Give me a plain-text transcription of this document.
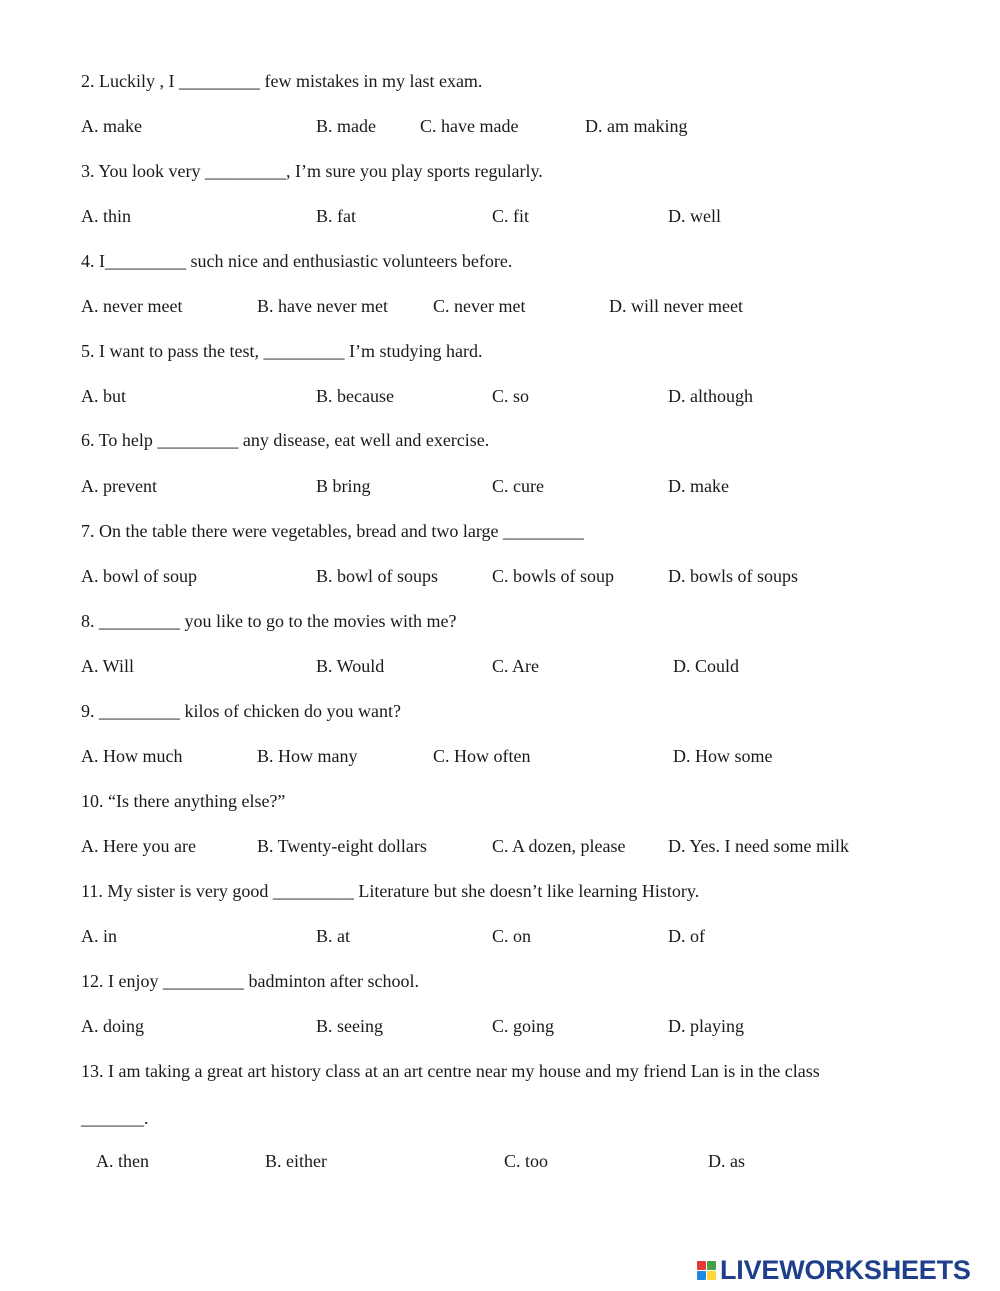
2. Luckily , I _________ few mistakes in my last exam.
A. make	B. made C. have made	D. am making
3. You look very _________, I’m sure you play sports regularly.
A. thin	B. fat	C. fit	D. well
4. I_________ such nice and enthusiastic volunteers before.
A. never meet	B. have never met	C. never met	D. will never meet
5. I want to pass the test, _________ I’m studying hard.
A. but	B. because	C. so	D. although
6. To help _________ any disease, eat well and exercise.
A. prevent	B bring	C. cure	D. make
7. On the table there were vegetables, bread and two large _________
A. bowl of soup	B. bowl of soups	C. bowls of soup	D. bowls of soups
8. _________ you like to go to the movies with me?
A. Will	B. Would	C. Are	D. Could
9. _________ kilos of chicken do you want?
A. How much	B. How many	C. How often	D. How some
10. “Is there anything else?”
A. Here you are	B. Twenty-eight dollars	C. A dozen, please D. Yes. I need some milk
11. My sister is very good _________ Literature but she doesn’t like learning History.
A. in	B. at	C. on	D. of
12. I enjoy _________ badminton after school.
A. doing	B. seeing	C. going	D. playing
13. I am taking a great art history class at an art centre near my house and my friend Lan is in the class
_______.
A. then	B. either	C. too	D. as
LIVEWORKSHEETS
